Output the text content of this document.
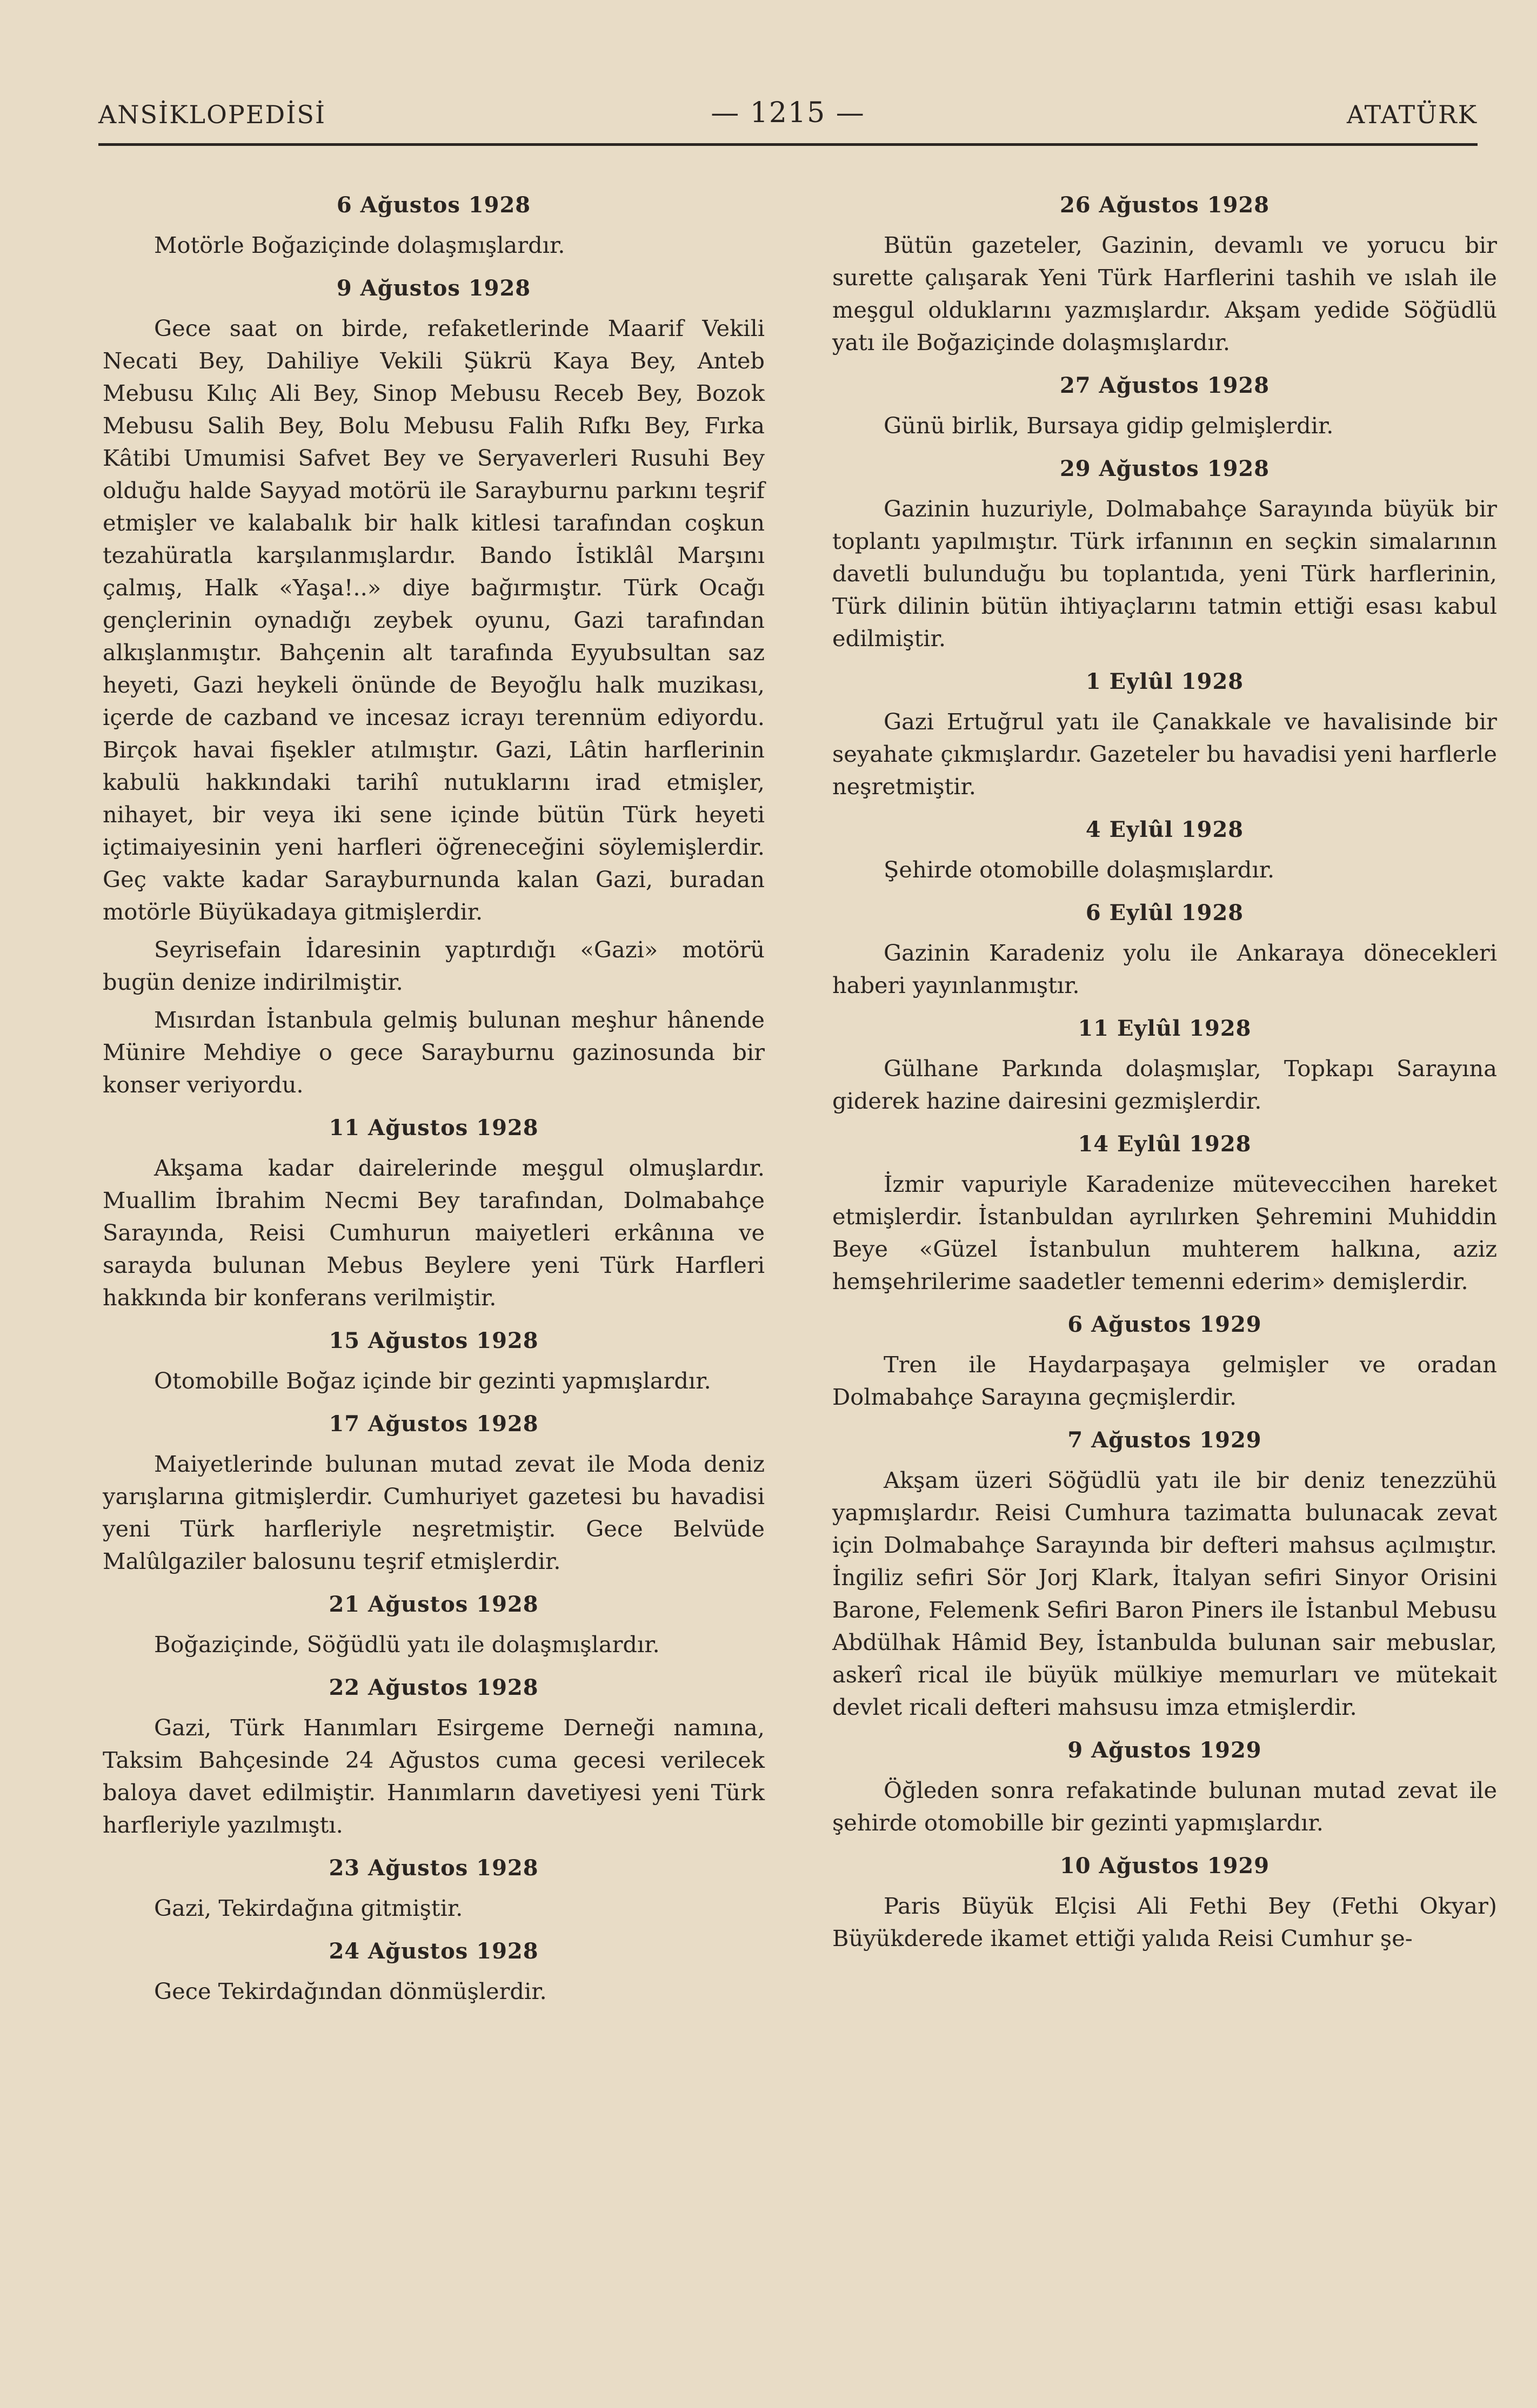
ANSİKLOPEDİSİ	— 1215 —	ATATÜRK
6 Ağustos 1928

Motörle Boğaziçinde dolaşmışlardır.

9 Ağustos 1928

Gece saat on birde, refaketlerinde Maarif Vekili Necati Bey, Dahiliye Vekili Şükrü Kaya Bey, Anteb Mebusu Kılıç Ali Bey, Sinop Mebusu Receb Bey, Bozok Mebusu Salih Bey, Bolu Mebusu Falih Rıfkı Bey, Fırka Kâtibi Umumisi Safvet Bey ve Seryaverleri Rusuhi Bey olduğu halde Sayyad motörü ile Sarayburnu parkını teşrif etmişler ve kalabalık bir halk kitlesi tarafından coşkun tezahüratla karşılanmışlardır. Bando İstiklâl Marşını çalmış, Halk «Yaşa!..» diye bağırmıştır. Türk Ocağı gençlerinin oynadığı zeybek oyunu, Gazi tarafından alkışlanmıştır. Bahçenin alt tarafında Eyyubsultan saz heyeti, Gazi heykeli önünde de Beyoğlu halk muzikası, içerde de cazband ve incesaz icrayı terennüm ediyordu. Birçok havai fişekler atılmıştır. Gazi, Lâtin harflerinin kabulü hakkındaki tarihî nutuklarını irad etmişler, nihayet, bir veya iki sene içinde bütün Türk heyeti içtimaiyesinin yeni harfleri öğreneceğini söylemişlerdir. Geç vakte kadar Sarayburnunda kalan Gazi, buradan motörle Büyükadaya gitmişlerdir.

Seyrisefain İdaresinin yaptırdığı «Gazi» motörü bugün denize indirilmiştir.

Mısırdan İstanbula gelmiş bulunan meşhur hânende Münire Mehdiye o gece Sarayburnu gazinosunda bir konser veriyordu.

11 Ağustos 1928

Akşama kadar dairelerinde meşgul olmuşlardır. Muallim İbrahim Necmi Bey tarafından, Dolmabahçe Sarayında, Reisi Cumhurun maiyetleri erkânına ve sarayda bulunan Mebus Beylere yeni Türk Harfleri hakkında bir konferans verilmiştir.

15 Ağustos 1928

Otomobille Boğaz içinde bir gezinti yapmışlardır.

17 Ağustos 1928

Maiyetlerinde bulunan mutad zevat ile Moda deniz yarışlarına gitmişlerdir. Cumhuriyet gazetesi bu havadisi yeni Türk harfleriyle neşretmiştir. Gece Belvüde Malûlgaziler balosunu teşrif etmişlerdir.

21 Ağustos 1928

Boğaziçinde, Söğüdlü yatı ile dolaşmışlardır.

22 Ağustos 1928

Gazi, Türk Hanımları Esirgeme Derneği namına, Taksim Bahçesinde 24 Ağustos cuma gecesi verilecek baloya davet edilmiştir. Hanımların davetiyesi yeni Türk harfleriyle yazılmıştı.

23 Ağustos 1928

Gazi, Tekirdağına gitmiştir.

24 Ağustos 1928

Gece Tekirdağından dönmüşlerdir.

26 Ağustos 1928

Bütün gazeteler, Gazinin, devamlı ve yorucu bir surette çalışarak Yeni Türk Harflerini tashih ve ıslah ile meşgul olduklarını yazmışlardır. Akşam yedide Söğüdlü yatı ile Boğaziçinde dolaşmışlardır.

27 Ağustos 1928

Günü birlik, Bursaya gidip gelmişlerdir.

29 Ağustos 1928

Gazinin huzuriyle, Dolmabahçe Sarayında büyük bir toplantı yapılmıştır. Türk irfanının en seçkin simalarının davetli bulunduğu bu toplantıda, yeni Türk harflerinin, Türk dilinin bütün ihtiyaçlarını tatmin ettiği esası kabul edilmiştir.

1 Eylûl 1928

Gazi Ertuğrul yatı ile Çanakkale ve havalisinde bir seyahate çıkmışlardır. Gazeteler bu havadisi yeni harflerle neşretmiştir.

4 Eylûl 1928

Şehirde otomobille dolaşmışlardır.

6 Eylûl 1928

Gazinin Karadeniz yolu ile Ankaraya dönecekleri haberi yayınlanmıştır.

11 Eylûl 1928

Gülhane Parkında dolaşmışlar, Topkapı Sarayına giderek hazine dairesini gezmişlerdir.

14 Eylûl 1928

İzmir vapuriyle Karadenize müteveccihen hareket etmişlerdir. İstanbuldan ayrılırken Şehremini Muhiddin Beye «Güzel İstanbulun muhterem halkına, aziz hemşehrilerime saadetler temenni ederim» demişlerdir.

6 Ağustos 1929

Tren ile Haydarpaşaya gelmişler ve oradan Dolmabahçe Sarayına geçmişlerdir.

7 Ağustos 1929

Akşam üzeri Söğüdlü yatı ile bir deniz tenezzühü yapmışlardır. Reisi Cumhura tazimatta bulunacak zevat için Dolmabahçe Sarayında bir defteri mahsus açılmıştır. İngiliz sefiri Sör Jorj Klark, İtalyan sefiri Sinyor Orisini Barone, Felemenk Sefiri Baron Piners ile İstanbul Mebusu Abdülhak Hâmid Bey, İstanbulda bulunan sair mebuslar, askerî rical ile büyük mülkiye memurları ve mütekait devlet ricali defteri mahsusu imza etmişlerdir.

9 Ağustos 1929

Öğleden sonra refakatinde bulunan mutad zevat ile şehirde otomobille bir gezinti yapmışlardır.

10 Ağustos 1929

Paris Büyük Elçisi Ali Fethi Bey (Fethi Okyar) Büyükderede ikamet ettiği yalıda Reisi Cumhur şe-
